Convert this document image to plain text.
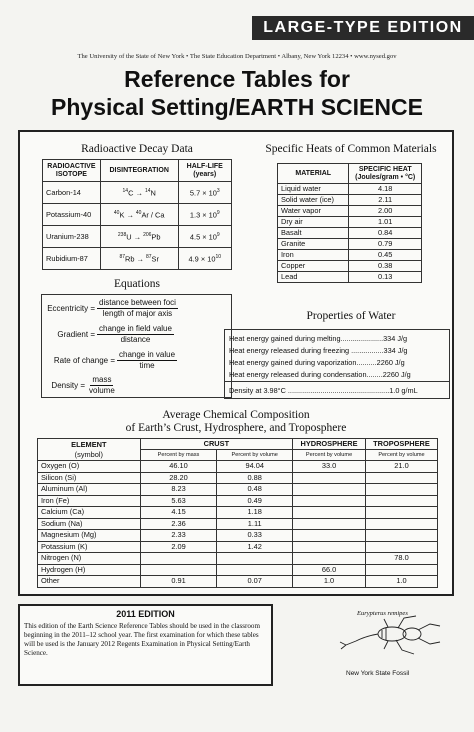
LARGE-TYPE EDITION
The University of the State of New York • The State Education Department • Albany, New York 12234 • www.nysed.gov
Reference Tables for
Physical Setting/EARTH SCIENCE
Radioactive Decay Data
RADIOACTIVE ISOTOPE	DISINTEGRATION	HALF-LIFE (years)
Carbon-14	$^{14}$C → $^{14}$N	$5.7 \times 10^3$
Potassium-40	$^{40}$K → $^{40}$Ar / Ca	$1.3 \times 10^9$
Uranium-238	$^{238}$U → $^{206}$Pb	$4.5 \times 10^9$
Rubidium-87	$^{87}$Rb → $^{87}$Sr	$4.9 \times 10^{10}$
Specific Heats of Common Materials
MATERIAL	SPECIFIC HEAT (Joules/gram • °C)
Liquid water	4.18
Solid water (ice)	2.11
Water vapor	2.00
Dry air	1.01
Basalt	0.84
Granite	0.79
Iron	0.45
Copper	0.38
Lead	0.13
Equations
Eccentricity = $\frac{\text{distance between foci}}{\text{length of major axis}}$
Gradient = $\frac{\text{change in field value}}{\text{distance}}$
Rate of change = $\frac{\text{change in value}}{\text{time}}$
Density = $\frac{\text{mass}}{\text{volume}}$
Properties of Water
Heat energy gained during melting.....................334 J/g
Heat energy released during freezing ................334 J/g
Heat energy gained during vaporization..........2260 J/g
Heat energy released during condensation........2260 J/g
Density at 3.98°C ..................................................1.0 g/mL
Average Chemical Composition
of Earth’s Crust, Hydrosphere, and Troposphere
ELEMENT
(symbol)	CRUST		HYDROSPHERE	TROPOSPHERE
	Percent by mass	Percent by volume	Percent by volume	Percent by volume
Oxygen (O)	46.10	94.04	33.0	21.0
Silicon (Si)	28.20	0.88		
Aluminum (Al)	8.23	0.48		
Iron (Fe)	5.63	0.49		
Calcium (Ca)	4.15	1.18		
Sodium (Na)	2.36	1.11		
Magnesium (Mg)	2.33	0.33		
Potassium (K)	2.09	1.42		
Nitrogen (N)				78.0
Hydrogen (H)			66.0	
Other	0.91	0.07	1.0	1.0
2011 EDITION
This edition of the Earth Science Reference Tables should be used in the classroom beginning in the 2011–12 school year. The first examination for which these tables will be used is the January 2012 Regents Examination in Physical Setting/Earth Science.
Eurypterus remipes
New York State Fossil
